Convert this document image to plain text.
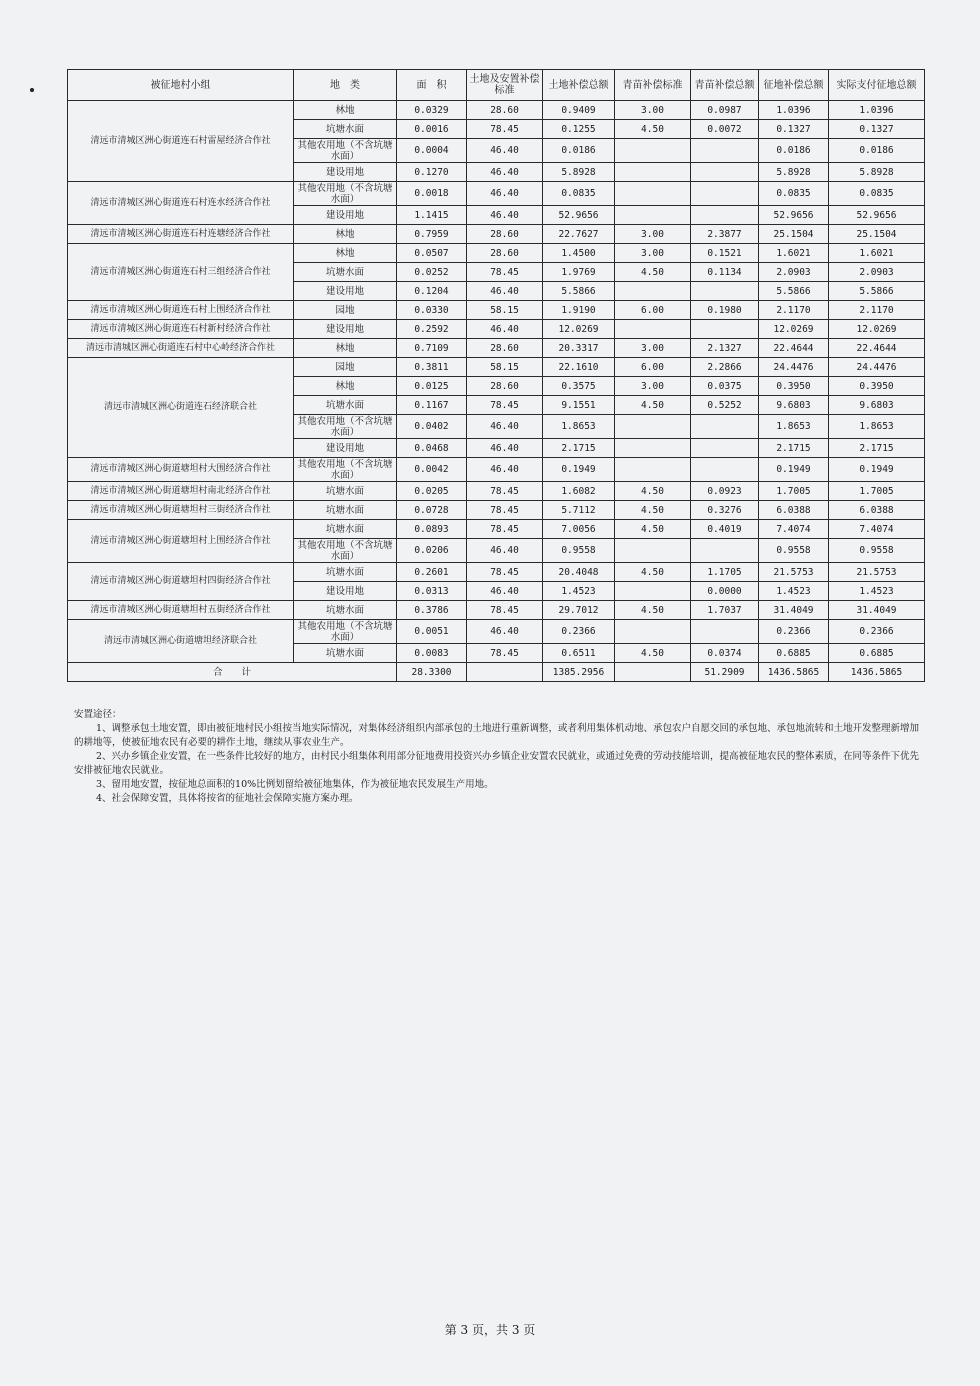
被征地村小组	地　类	面　积	土地及安置补偿标准	土地补偿总额	青苗补偿标准	青苗补偿总额	征地补偿总额	实际支付征地总额
清远市清城区洲心街道连石村雷屋经济合作社	林地	0.0329	28.60	0.9409	3.00	0.0987	1.0396	1.0396
	坑塘水面	0.0016	78.45	0.1255	4.50	0.0072	0.1327	0.1327
	其他农用地（不含坑塘水面）	0.0004	46.40	0.0186			0.0186	0.0186
	建设用地	0.1270	46.40	5.8928			5.8928	5.8928
清远市清城区洲心街道连石村连水经济合作社	其他农用地（不含坑塘水面）	0.0018	46.40	0.0835			0.0835	0.0835
	建设用地	1.1415	46.40	52.9656			52.9656	52.9656
清远市清城区洲心街道连石村连塘经济合作社	林地	0.7959	28.60	22.7627	3.00	2.3877	25.1504	25.1504
清远市清城区洲心街道连石村三组经济合作社	林地	0.0507	28.60	1.4500	3.00	0.1521	1.6021	1.6021
	坑塘水面	0.0252	78.45	1.9769	4.50	0.1134	2.0903	2.0903
	建设用地	0.1204	46.40	5.5866			5.5866	5.5866
清远市清城区洲心街道连石村上围经济合作社	园地	0.0330	58.15	1.9190	6.00	0.1980	2.1170	2.1170
清远市清城区洲心街道连石村新村经济合作社	建设用地	0.2592	46.40	12.0269			12.0269	12.0269
清远市清城区洲心街道连石村中心岭经济合作社	林地	0.7109	28.60	20.3317	3.00	2.1327	22.4644	22.4644
清远市清城区洲心街道连石经济联合社	园地	0.3811	58.15	22.1610	6.00	2.2866	24.4476	24.4476
	林地	0.0125	28.60	0.3575	3.00	0.0375	0.3950	0.3950
	坑塘水面	0.1167	78.45	9.1551	4.50	0.5252	9.6803	9.6803
	其他农用地（不含坑塘水面）	0.0402	46.40	1.8653			1.8653	1.8653
	建设用地	0.0468	46.40	2.1715			2.1715	2.1715
清远市清城区洲心街道塘坦村大围经济合作社	其他农用地（不含坑塘水面）	0.0042	46.40	0.1949			0.1949	0.1949
清远市清城区洲心街道塘坦村南北经济合作社	坑塘水面	0.0205	78.45	1.6082	4.50	0.0923	1.7005	1.7005
清远市清城区洲心街道塘坦村三街经济合作社	坑塘水面	0.0728	78.45	5.7112	4.50	0.3276	6.0388	6.0388
清远市清城区洲心街道塘坦村上围经济合作社	坑塘水面	0.0893	78.45	7.0056	4.50	0.4019	7.4074	7.4074
	其他农用地（不含坑塘水面）	0.0206	46.40	0.9558			0.9558	0.9558
清远市清城区洲心街道塘坦村四街经济合作社	坑塘水面	0.2601	78.45	20.4048	4.50	1.1705	21.5753	21.5753
	建设用地	0.0313	46.40	1.4523		0.0000	1.4523	1.4523
清远市清城区洲心街道塘坦村五街经济合作社	坑塘水面	0.3786	78.45	29.7012	4.50	1.7037	31.4049	31.4049
清远市清城区洲心街道塘坦经济联合社	其他农用地（不含坑塘水面）	0.0051	46.40	0.2366			0.2366	0.2366
	坑塘水面	0.0083	78.45	0.6511	4.50	0.0374	0.6885	0.6885
合　　计		28.3300		1385.2956		51.2909	1436.5865	1436.5865

安置途径：

1、调整承包土地安置，即由被征地村民小组按当地实际情况，对集体经济组织内部承包的土地进行重新调整，或者利用集体机动地、承包农户自愿交回的承包地、承包地流转和土地开发整理新增加的耕地等，使被征地农民有必要的耕作土地，继续从事农业生产。

2、兴办乡镇企业安置，在一些条件比较好的地方，由村民小组集体利用部分征地费用投资兴办乡镇企业安置农民就业，或通过免费的劳动技能培训，提高被征地农民的整体素质，在同等条件下优先安排被征地农民就业。

3、留用地安置，按征地总面积的10%比例划留给被征地集体，作为被征地农民发展生产用地。

4、社会保障安置，具体将按省的征地社会保障实施方案办理。

第 3 页，共 3 页
